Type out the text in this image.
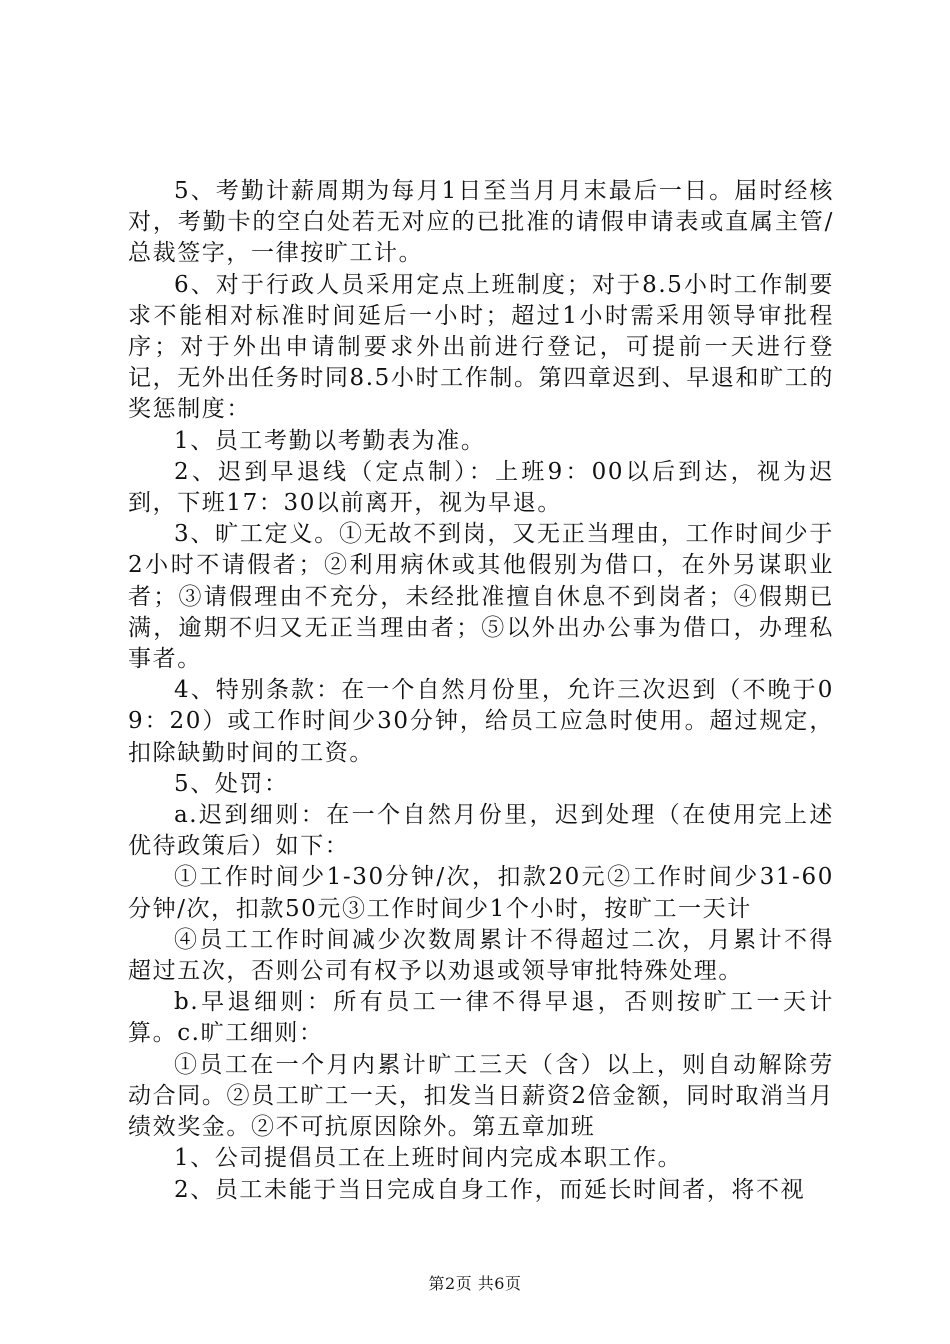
5、考勤计薪周期为每月1日至当月月末最后一日。届时经核对，考勤卡的空白处若无对应的已批准的请假申请表或直属主管/总裁签字，一律按旷工计。

6、对于行政人员采用定点上班制度；对于8.5小时工作制要求不能相对标准时间延后一小时；超过1小时需采用领导审批程序；对于外出申请制要求外出前进行登记，可提前一天进行登记，无外出任务时同8.5小时工作制。第四章迟到、早退和旷工的奖惩制度：

1、员工考勤以考勤表为准。

2、迟到早退线（定点制）：上班9：00以后到达，视为迟到，下班17：30以前离开，视为早退。

3、旷工定义。①无故不到岗，又无正当理由，工作时间少于2小时不请假者；②利用病休或其他假别为借口，在外另谋职业者；③请假理由不充分，未经批准擅自休息不到岗者；④假期已满，逾期不归又无正当理由者；⑤以外出办公事为借口，办理私事者。

4、特别条款：在一个自然月份里，允许三次迟到（不晚于09：20）或工作时间少30分钟，给员工应急时使用。超过规定，扣除缺勤时间的工资。

5、处罚：

a.迟到细则：在一个自然月份里，迟到处理（在使用完上述优待政策后）如下：

①工作时间少1-30分钟/次，扣款20元②工作时间少31-60分钟/次，扣款50元③工作时间少1个小时，按旷工一天计

④员工工作时间减少次数周累计不得超过二次，月累计不得超过五次，否则公司有权予以劝退或领导审批特殊处理。

b.早退细则：所有员工一律不得早退，否则按旷工一天计算。c.旷工细则：

①员工在一个月内累计旷工三天（含）以上，则自动解除劳动合同。②员工旷工一天，扣发当日薪资2倍金额，同时取消当月绩效奖金。②不可抗原因除外。第五章加班

1、公司提倡员工在上班时间内完成本职工作。

2、员工未能于当日完成自身工作，而延长时间者，将不视

第2页 共6页
